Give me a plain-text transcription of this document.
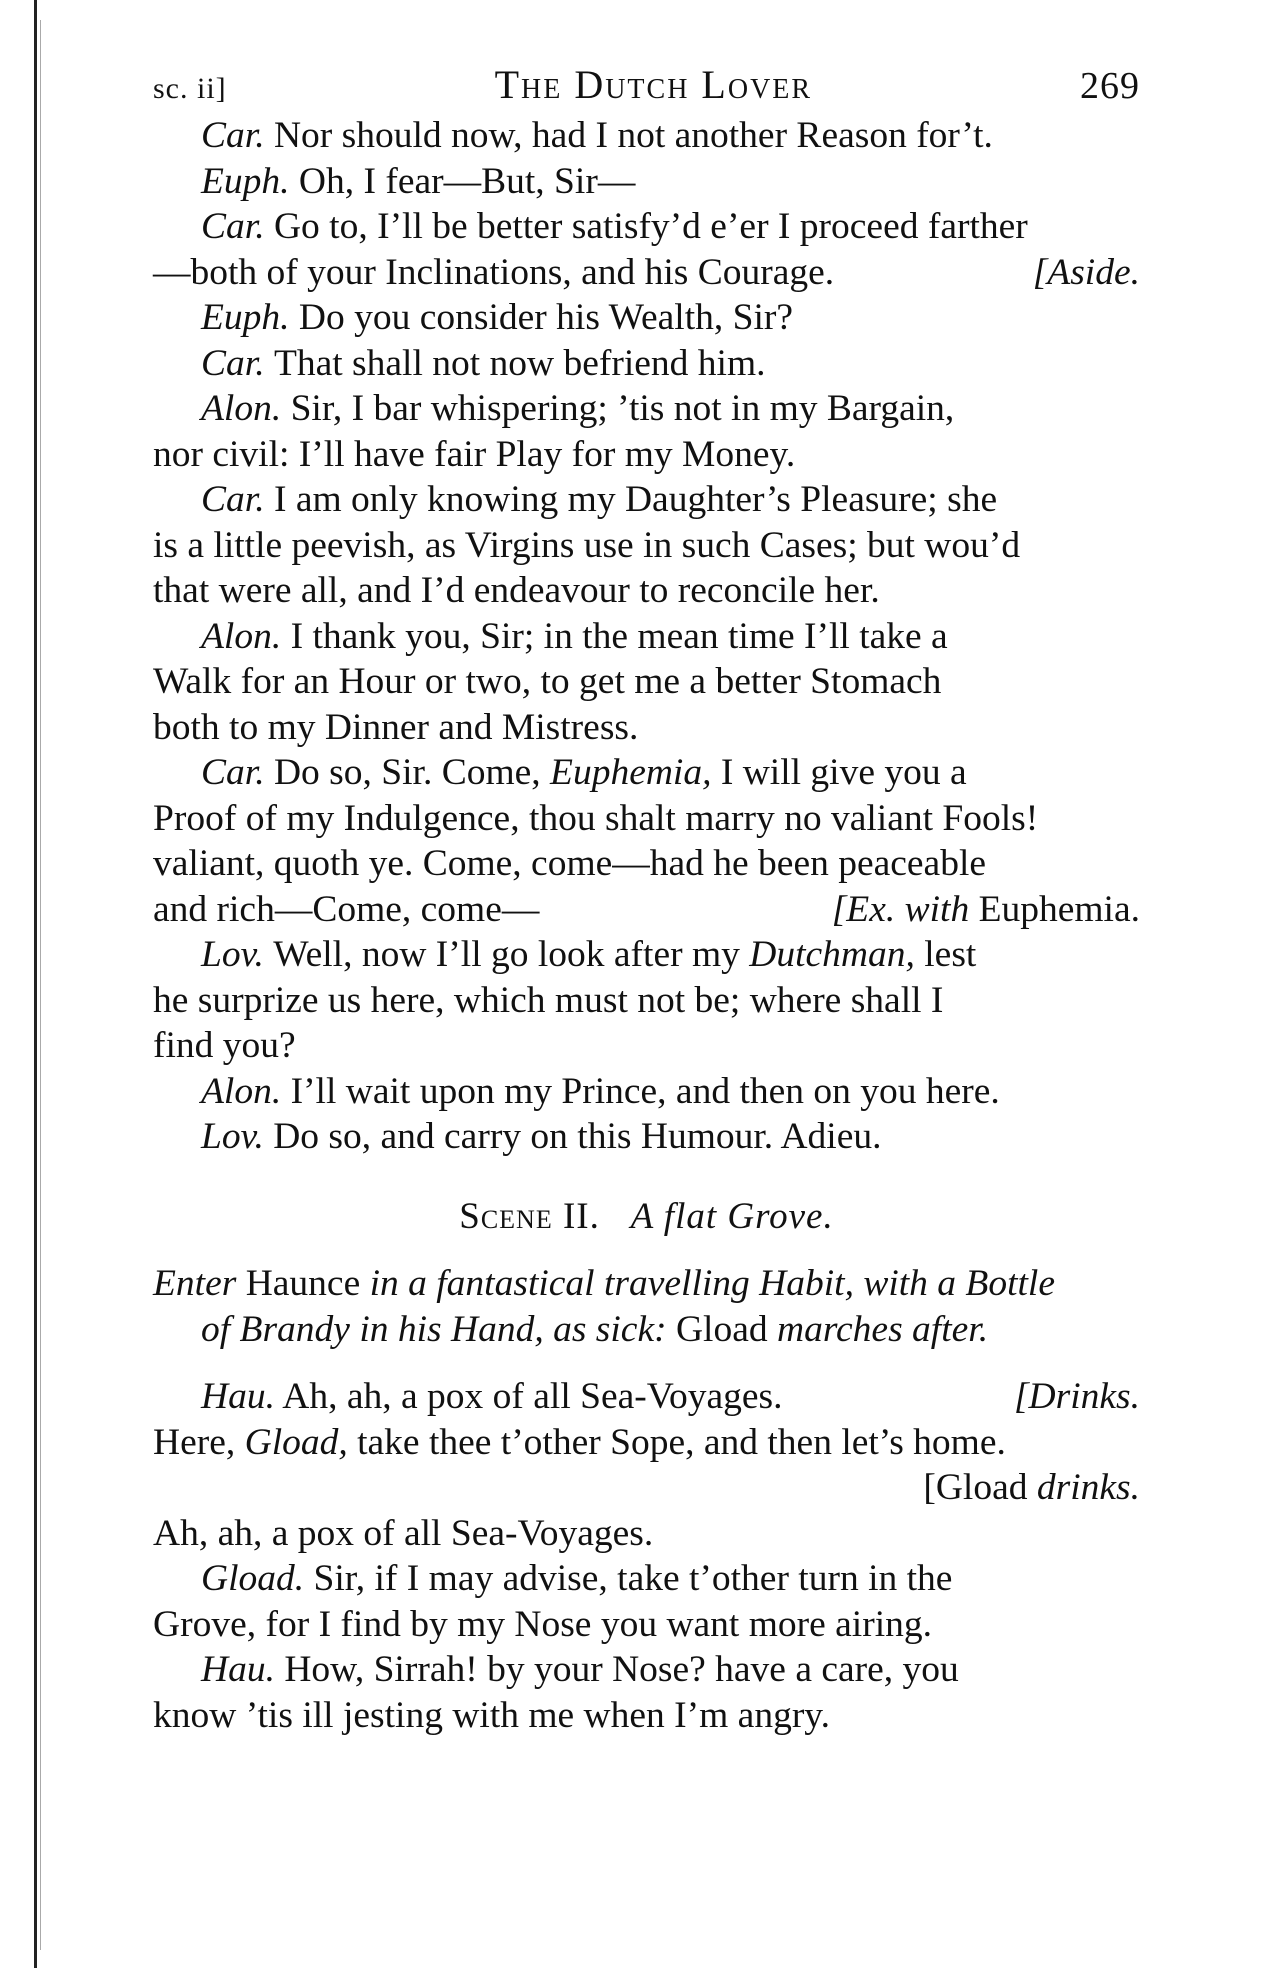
sc. ii]	The Dutch Lover	269
Car.
Nor should now, had I not another Reason for’t.
Euph.
Oh, I fear—But, Sir—
Car.
Go to, I’ll be better satisfy’d e’er I proceed farther
—both of your Inclinations, and his Courage.	[Aside.
Euph.
Do you consider his Wealth, Sir?
Car.
That shall not now befriend him.
Alon.
Sir, I bar whispering; ’tis not in my Bargain,
nor civil: I’ll have fair Play for my Money.
Car.
I am only knowing my Daughter’s Pleasure; she
is a little peevish, as Virgins use in such Cases; but wou’d
that were all, and I’d endeavour to reconcile her.
Alon.
I thank you, Sir; in the mean time I’ll take a
Walk for an Hour or two, to get me a better Stomach
both to my Dinner and Mistress.
Car.
Do so, Sir. Come,
Euphemia,
I will give you a
Proof of my Indulgence, thou shalt marry no valiant Fools!
valiant, quoth ye. Come, come—had he been peaceable
and rich—Come, come—	[Ex. with Euphemia.
Lov.
Well, now I’ll go look after my
Dutchman,
lest
he surprize us here, which must not be; where shall I
find you?
Alon.
I’ll wait upon my Prince, and then on you here.
Lov.
Do so, and carry on this Humour. Adieu.
Scene II.
A flat Grove.
Enter
Haunce
in a fantastical travelling Habit, with a Bottle
of Brandy in his Hand, as sick:
Gload
marches after.
Hau. Ah, ah, a pox of all Sea-Voyages.	[Drinks.
Here,
Gload,
take thee t’other Sope, and then let’s home.
[Gload
drinks.
Ah, ah, a pox of all Sea-Voyages.
Gload.
Sir, if I may advise, take t’other turn in the
Grove, for I find by my Nose you want more airing.
Hau.
How, Sirrah! by your Nose? have a care, you
know ’tis ill jesting with me when I’m angry.
